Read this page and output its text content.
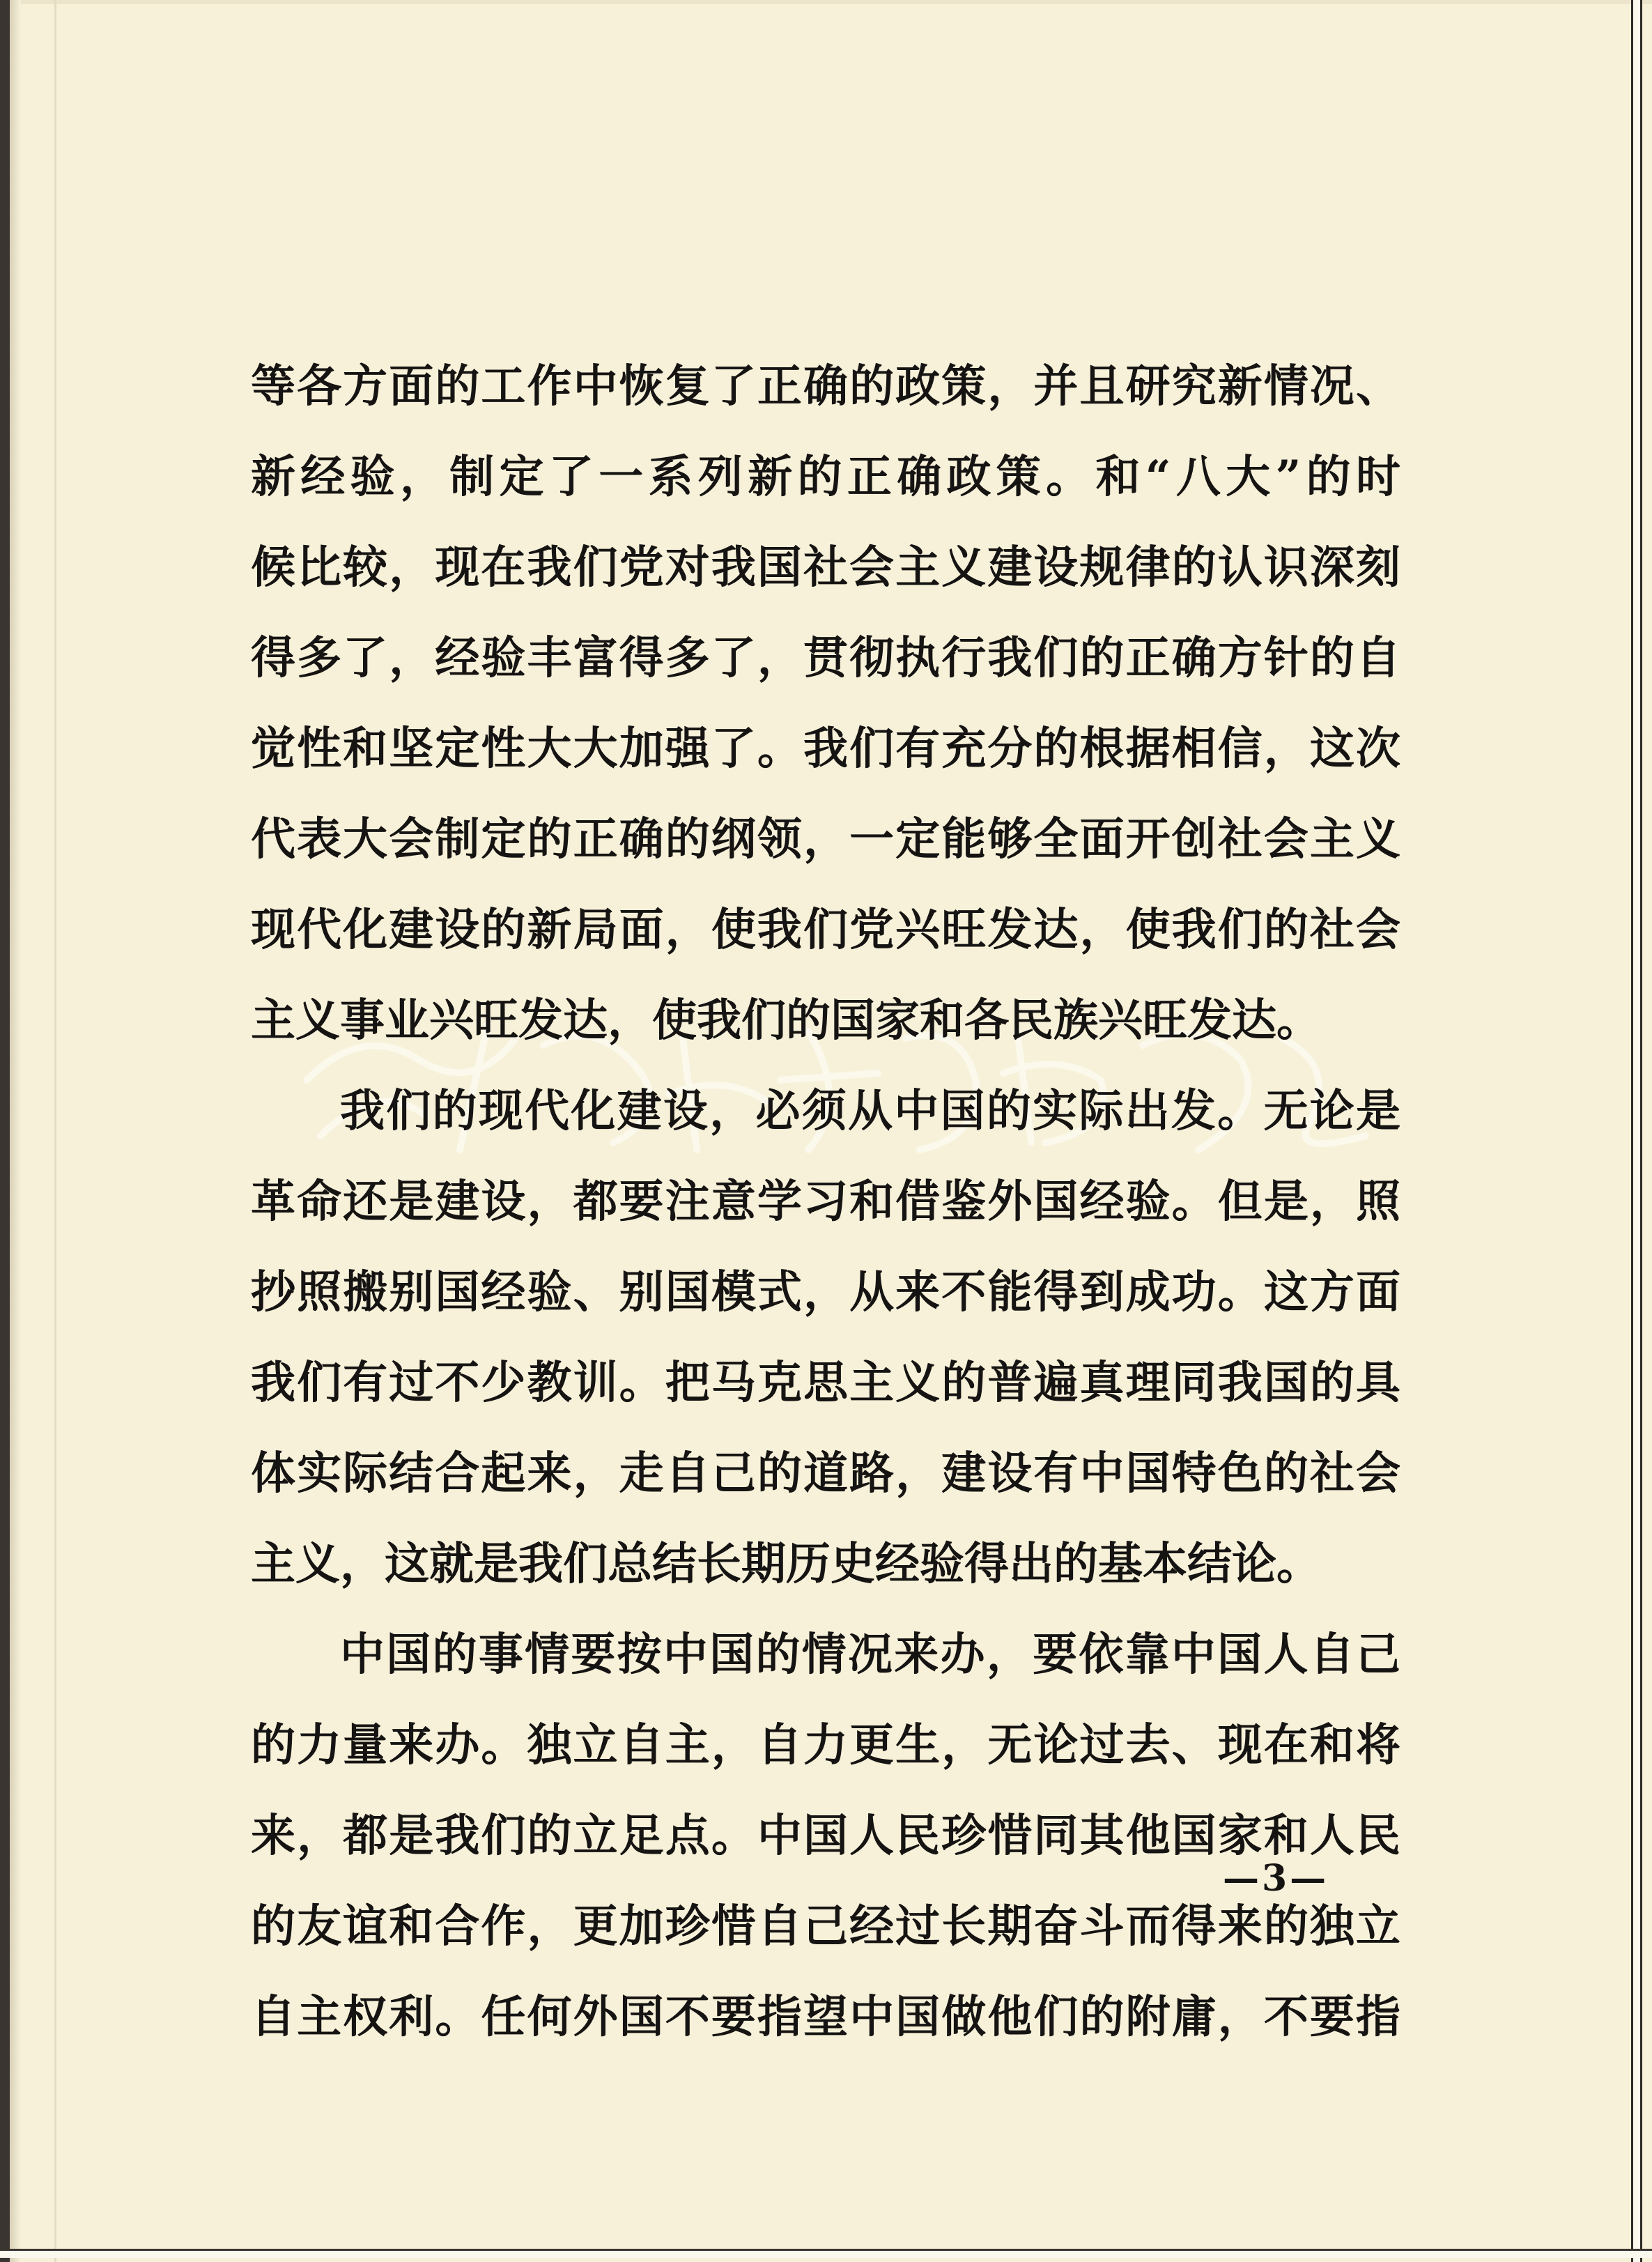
等各方面的工作中恢复了正确的政策，并且研究新情况、
新经验，制定了一系列新的正确政策。和“八大”的时
候比较，现在我们党对我国社会主义建设规律的认识深刻
得多了，经验丰富得多了，贯彻执行我们的正确方针的自
觉性和坚定性大大加强了。我们有充分的根据相信，这次
代表大会制定的正确的纲领，一定能够全面开创社会主义
现代化建设的新局面，使我们党兴旺发达，使我们的社会
主义事业兴旺发达，使我们的国家和各民族兴旺发达。
我们的现代化建设，必须从中国的实际出发。无论是
革命还是建设，都要注意学习和借鉴外国经验。但是，照
抄照搬别国经验、别国模式，从来不能得到成功。这方面
我们有过不少教训。把马克思主义的普遍真理同我国的具
体实际结合起来，走自己的道路，建设有中国特色的社会
主义，这就是我们总结长期历史经验得出的基本结论。
中国的事情要按中国的情况来办，要依靠中国人自己
的力量来办。独立自主，自力更生，无论过去、现在和将
来，都是我们的立足点。中国人民珍惜同其他国家和人民
的友谊和合作，更加珍惜自己经过长期奋斗而得来的独立
自主权利。任何外国不要指望中国做他们的附庸，不要指
—3—
